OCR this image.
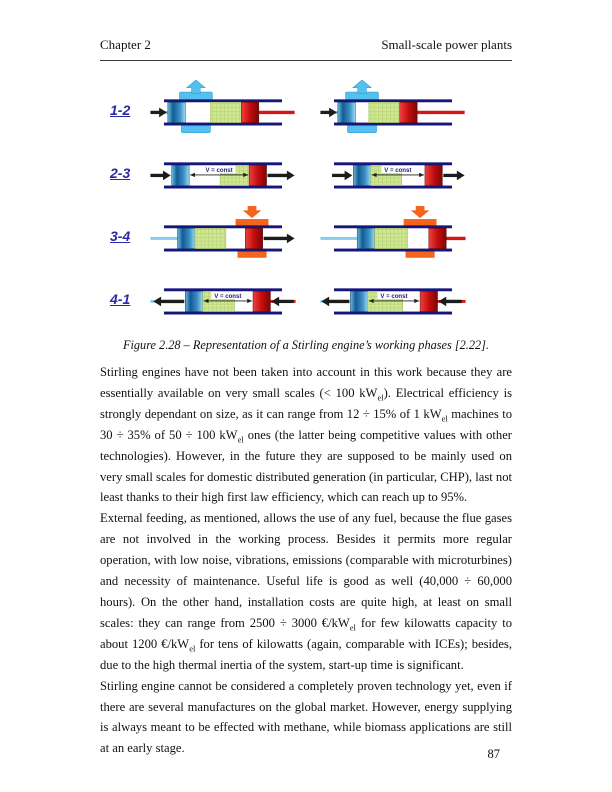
Chapter 2	Small-scale power plants
1-2
2-3	V = const	V = const
3-4
4-1	V = const	V = const
Figure 2.28 – Representation of a Stirling engine’s working phases [2.22].

Stirling engines have not been taken into account in this work because they are essentially available on very small scales (< 100 $kW_{el}$). Electrical efficiency is strongly dependant on size, as it can range from 12 ÷ 15% of 1 $kW_{el}$ machines to 30 ÷ 35% of 50 ÷ 100 $kW_{el}$ ones (the latter being competitive values with other technologies). However, in the future they are supposed to be mainly used on very small scales for domestic distributed generation (in particular, CHP), last not least thanks to their high first law efficiency, which can reach up to 95%.

External feeding, as mentioned, allows the use of any fuel, because the flue gases are not involved in the working process. Besides it permits more regular operation, with low noise, vibrations, emissions (comparable with microturbines) and necessity of maintenance. Useful life is good as well (40,000 ÷ 60,000 hours). On the other hand, installation costs are quite high, at least on small scales: they can range from 2500 ÷ 3000 $€/kW_{el}$ for few kilowatts capacity to about 1200 $€/kW_{el}$ for tens of kilowatts (again, comparable with ICEs); besides, due to the high thermal inertia of the system, start-up time is significant.

Stirling engine cannot be considered a completely proven technology yet, even if there are several manufactures on the global market. However, energy supplying is always meant to be effected with methane, while biomass applications are still at an early stage.	87
